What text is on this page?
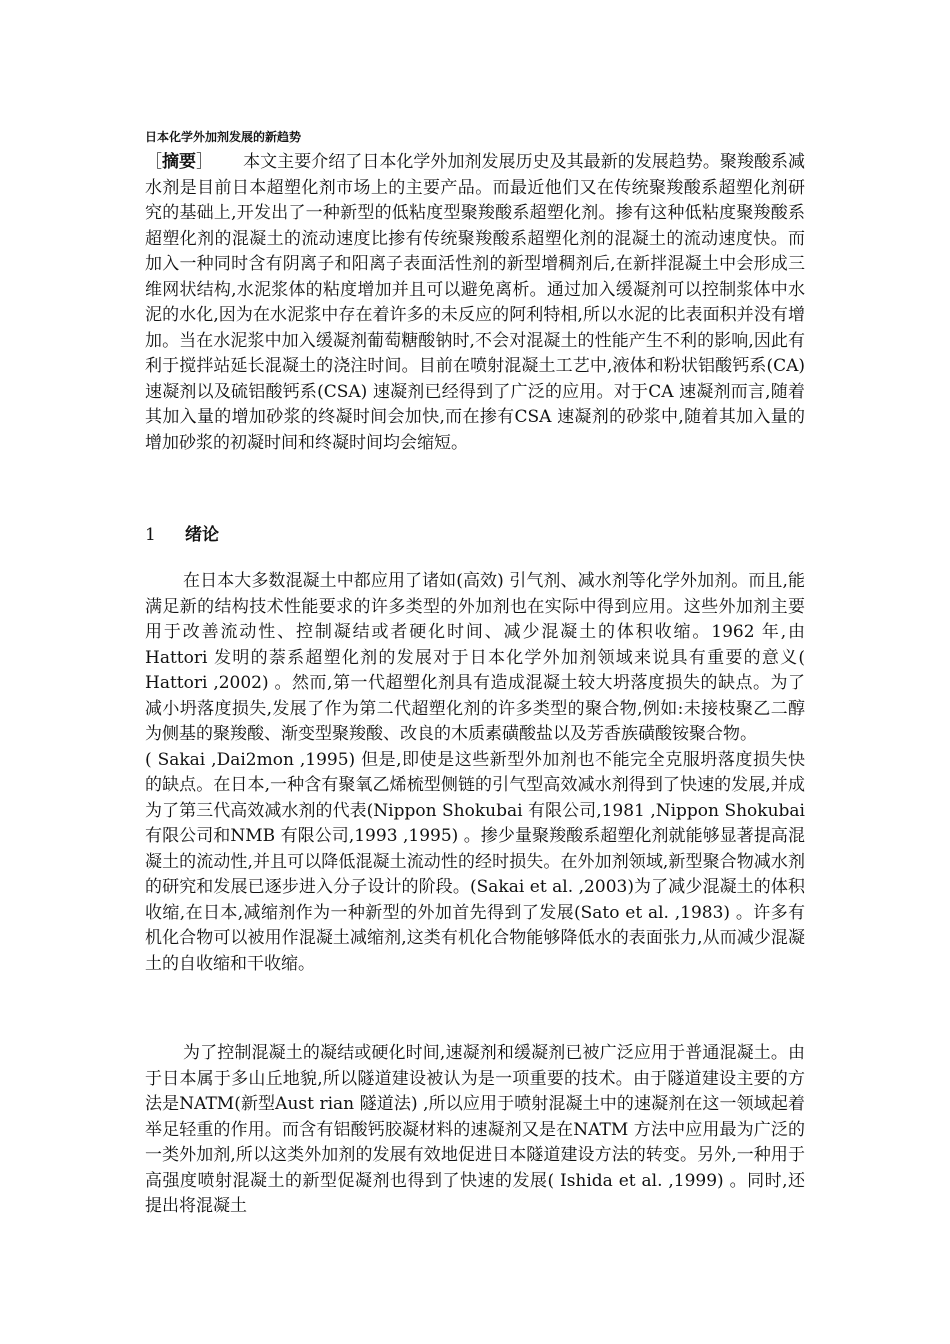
日本化学外加剂发展的新趋势
［摘要］ 本文主要介绍了日本化学外加剂发展历史及其最新的发展趋势。聚羧酸系减水剂是目前日本超塑化剂市场上的主要产品。而最近他们又在传统聚羧酸系超塑化剂研究的基础上,开发出了一种新型的低粘度型聚羧酸系超塑化剂。掺有这种低粘度聚羧酸系超塑化剂的混凝土的流动速度比掺有传统聚羧酸系超塑化剂的混凝土的流动速度快。而加入一种同时含有阴离子和阳离子表面活性剂的新型增稠剂后,在新拌混凝土中会形成三维网状结构,水泥浆体的粘度增加并且可以避免离析。通过加入缓凝剂可以控制浆体中水泥的水化,因为在水泥浆中存在着许多的未反应的阿利特相,所以水泥的比表面积并没有增加。当在水泥浆中加入缓凝剂葡萄糖酸钠时,不会对混凝土的性能产生不利的影响,因此有利于搅拌站延长混凝土的浇注时间。目前在喷射混凝土工艺中,液体和粉状铝酸钙系(CA) 速凝剂以及硫铝酸钙系(CSA) 速凝剂已经得到了广泛的应用。对于CA 速凝剂而言,随着其加入量的增加砂浆的终凝时间会加快,而在掺有CSA 速凝剂的砂浆中,随着其加入量的增加砂浆的初凝时间和终凝时间均会缩短。
1 绪论
在日本大多数混凝土中都应用了诸如(高效) 引气剂、减水剂等化学外加剂。而且,能满足新的结构技术性能要求的许多类型的外加剂也在实际中得到应用。这些外加剂主要用于改善流动性、控制凝结或者硬化时间、减少混凝土的体积收缩。1962 年,由Hattori 发明的萘系超塑化剂的发展对于日本化学外加剂领域来说具有重要的意义( Hattori ,2002) 。然而,第一代超塑化剂具有造成混凝土较大坍落度损失的缺点。为了减小坍落度损失,发展了作为第二代超塑化剂的许多类型的聚合物,例如:未接枝聚乙二醇为侧基的聚羧酸、渐变型聚羧酸、改良的木质素磺酸盐以及芳香族磺酸铵聚合物。
( Sakai ,Dai2mon ,1995) 但是,即使是这些新型外加剂也不能完全克服坍落度损失快的缺点。在日本,一种含有聚氧乙烯梳型侧链的引气型高效减水剂得到了快速的发展,并成为了第三代高效减水剂的代表(Nippon Shokubai 有限公司,1981 ,Nippon Shokubai 有限公司和NMB 有限公司,1993 ,1995) 。掺少量聚羧酸系超塑化剂就能够显著提高混凝土的流动性,并且可以降低混凝土流动性的经时损失。在外加剂领域,新型聚合物减水剂的研究和发展已逐步进入分子设计的阶段。(Sakai et al. ,2003)为了减少混凝土的体积收缩,在日本,减缩剂作为一种新型的外加首先得到了发展(Sato et al. ,1983) 。许多有机化合物可以被用作混凝土减缩剂,这类有机化合物能够降低水的表面张力,从而减少混凝土的自收缩和干收缩。
为了控制混凝土的凝结或硬化时间,速凝剂和缓凝剂已被广泛应用于普通混凝土。由于日本属于多山丘地貌,所以隧道建设被认为是一项重要的技术。由于隧道建设主要的方法是NATM(新型Aust rian 隧道法) ,所以应用于喷射混凝土中的速凝剂在这一领域起着举足轻重的作用。而含有铝酸钙胶凝材料的速凝剂又是在NATM 方法中应用最为广泛的一类外加剂,所以这类外加剂的发展有效地促进日本隧道建设方法的转变。另外,一种用于高强度喷射混凝土的新型促凝剂也得到了快速的发展( Ishida et al. ,1999) 。同时,还提出将混凝土
